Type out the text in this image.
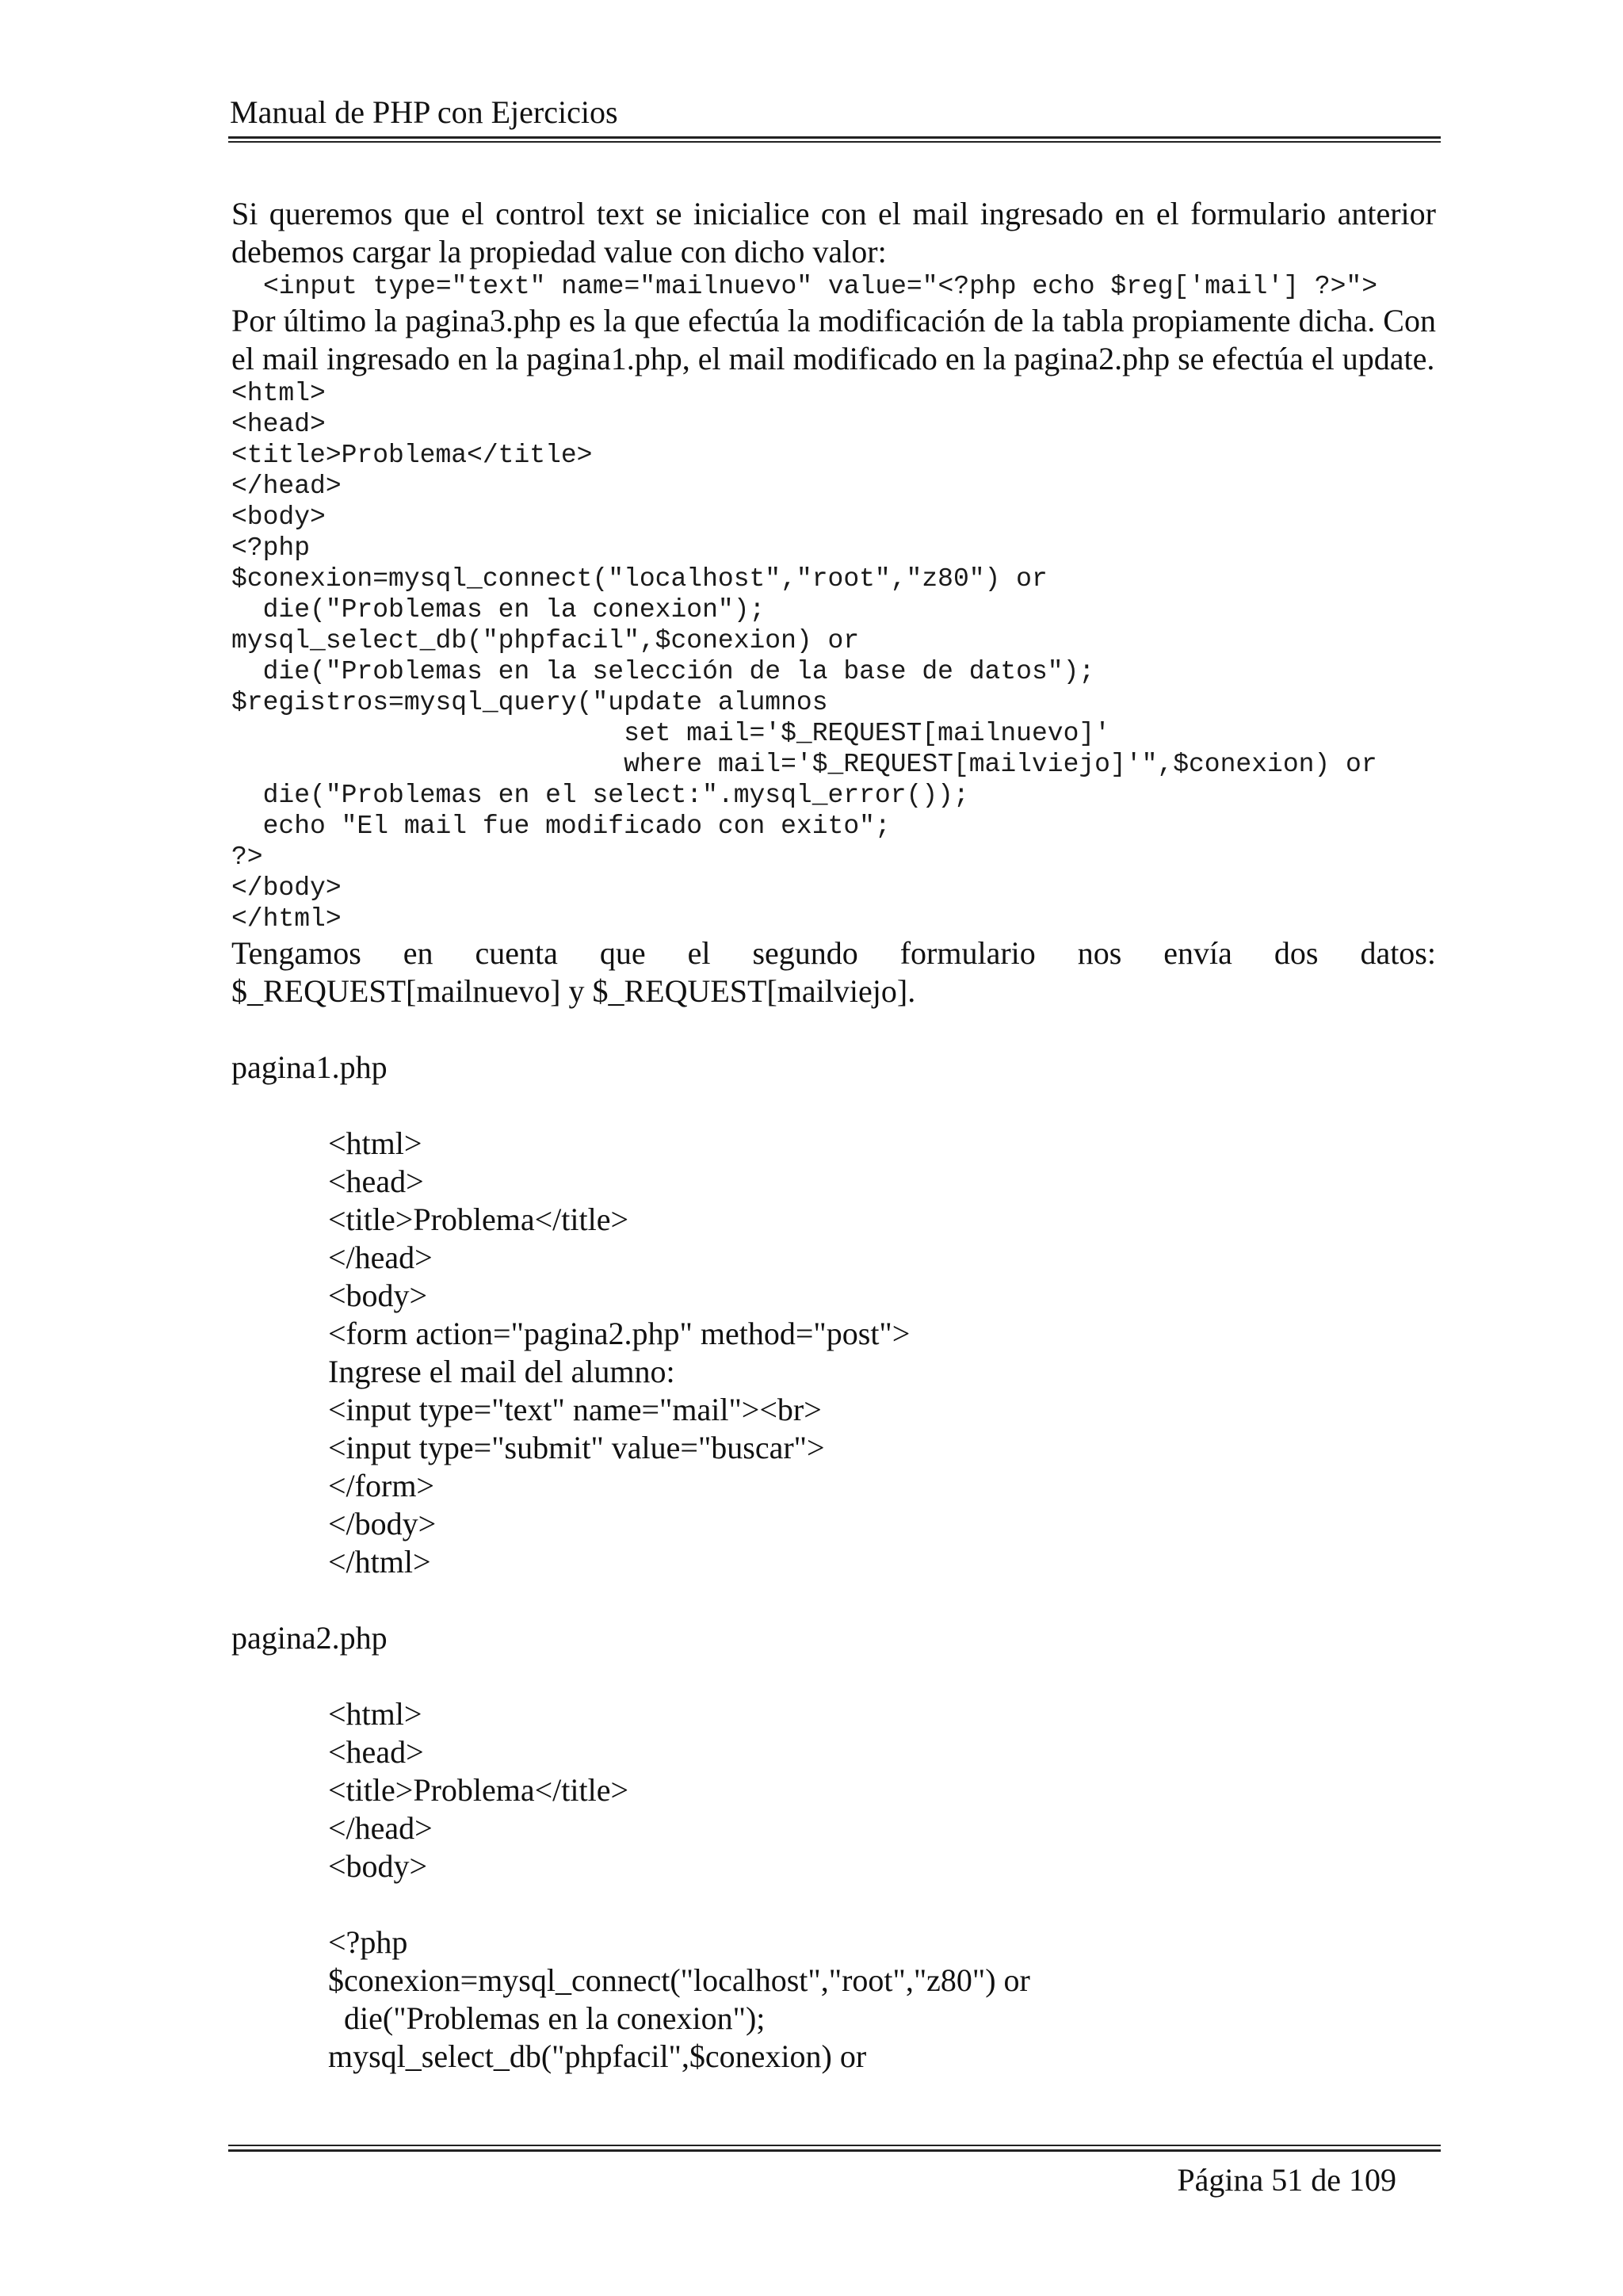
Manual de PHP con Ejercicios

Si queremos que el control text se inicialice con el mail ingresado en el formulario anterior debemos cargar la propiedad value con dicho valor:

<input type="text" name="mailnuevo" value="<?php echo $reg['mail'] ?>">

Por último la pagina3.php es la que efectúa la modificación de la tabla propiamente dicha. Con el mail ingresado en la pagina1.php, el mail modificado en la pagina2.php se efectúa el update.

<html>

<head>

<title>Problema</title>

</head>

<body>

<?php

$conexion=mysql_connect("localhost","root","z80") or

die("Problemas en la conexion");

mysql_select_db("phpfacil",$conexion) or

die("Problemas en la selección de la base de datos");

$registros=mysql_query("update alumnos

set mail='$_REQUEST[mailnuevo]'

where mail='$_REQUEST[mailviejo]'",$conexion) or

die("Problemas en el select:".mysql_error());

echo "El mail fue modificado con exito";

?>

</body>

</html>

Tengamos en cuenta que el segundo formulario nos envía dos datos:

$_REQUEST[mailnuevo] y $_REQUEST[mailviejo].

pagina1.php

<html>

<head>

<title>Problema</title>

</head>

<body>

<form action="pagina2.php" method="post">

Ingrese el mail del alumno:

<input type="text" name="mail"><br>

<input type="submit" value="buscar">

</form>

</body>

</html>

pagina2.php

<html>

<head>

<title>Problema</title>

</head>

<body>

<?php

$conexion=mysql_connect("localhost","root","z80") or

die("Problemas en la conexion");

mysql_select_db("phpfacil",$conexion) or

Página 51 de 109
